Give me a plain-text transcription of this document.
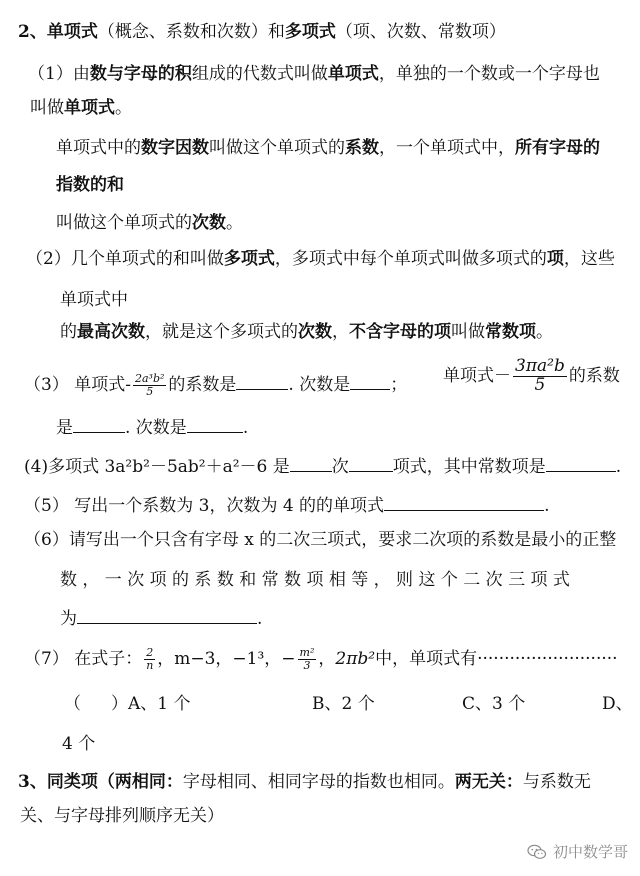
2、单项式（概念、系数和次数）和多项式（项、次数、常数项）
（1）由数与字母的积组成的代数式叫做单项式，单独的一个数或一个字母也
叫做单项式。
单项式中的数字因数叫做这个单项式的系数，一个单项式中，所有字母的
指数的和
叫做这个单项式的次数。
（2）几个单项式的和叫做多项式，多项式中每个单项式叫做多项式的项，这些
单项式中
的最高次数，就是这个多项式的次数，不含字母的项叫做常数项。
（3） 单项式- $\frac{\text{2a³b²}}{5}$ 的系数是	. 次数是 ； 单项式－ $\frac{\text{3πa²b}}{5}$ 的系数
是	. 次数是	.
(4)多项式 3a²b²－5ab²＋a²－6 是 次	项式，其中常数项是	.
（5） 写出一个系数为 3，次数为 4 的的单项式	.
（6）请写出一个只含有字母 x 的二次三项式，要求二次项的系数是最小的正整
数 ， 一 次 项 的 系 数 和 常 数 项 相 等 ， 则 这 个 二 次 三 项 式
为	.
（7） 在式子： $\frac{2}{n}$ ，m−3，−1³，− $\frac{\text{m²}}{3}$ ，2πb²中，单项式有··························
（ ）A、1 个	B、2 个	C、3 个	D、
4 个
3、同类项（两相同：字母相同、相同字母的指数也相同。两无关：与系数无
关、与字母排列顺序无关）
初中数学哥
